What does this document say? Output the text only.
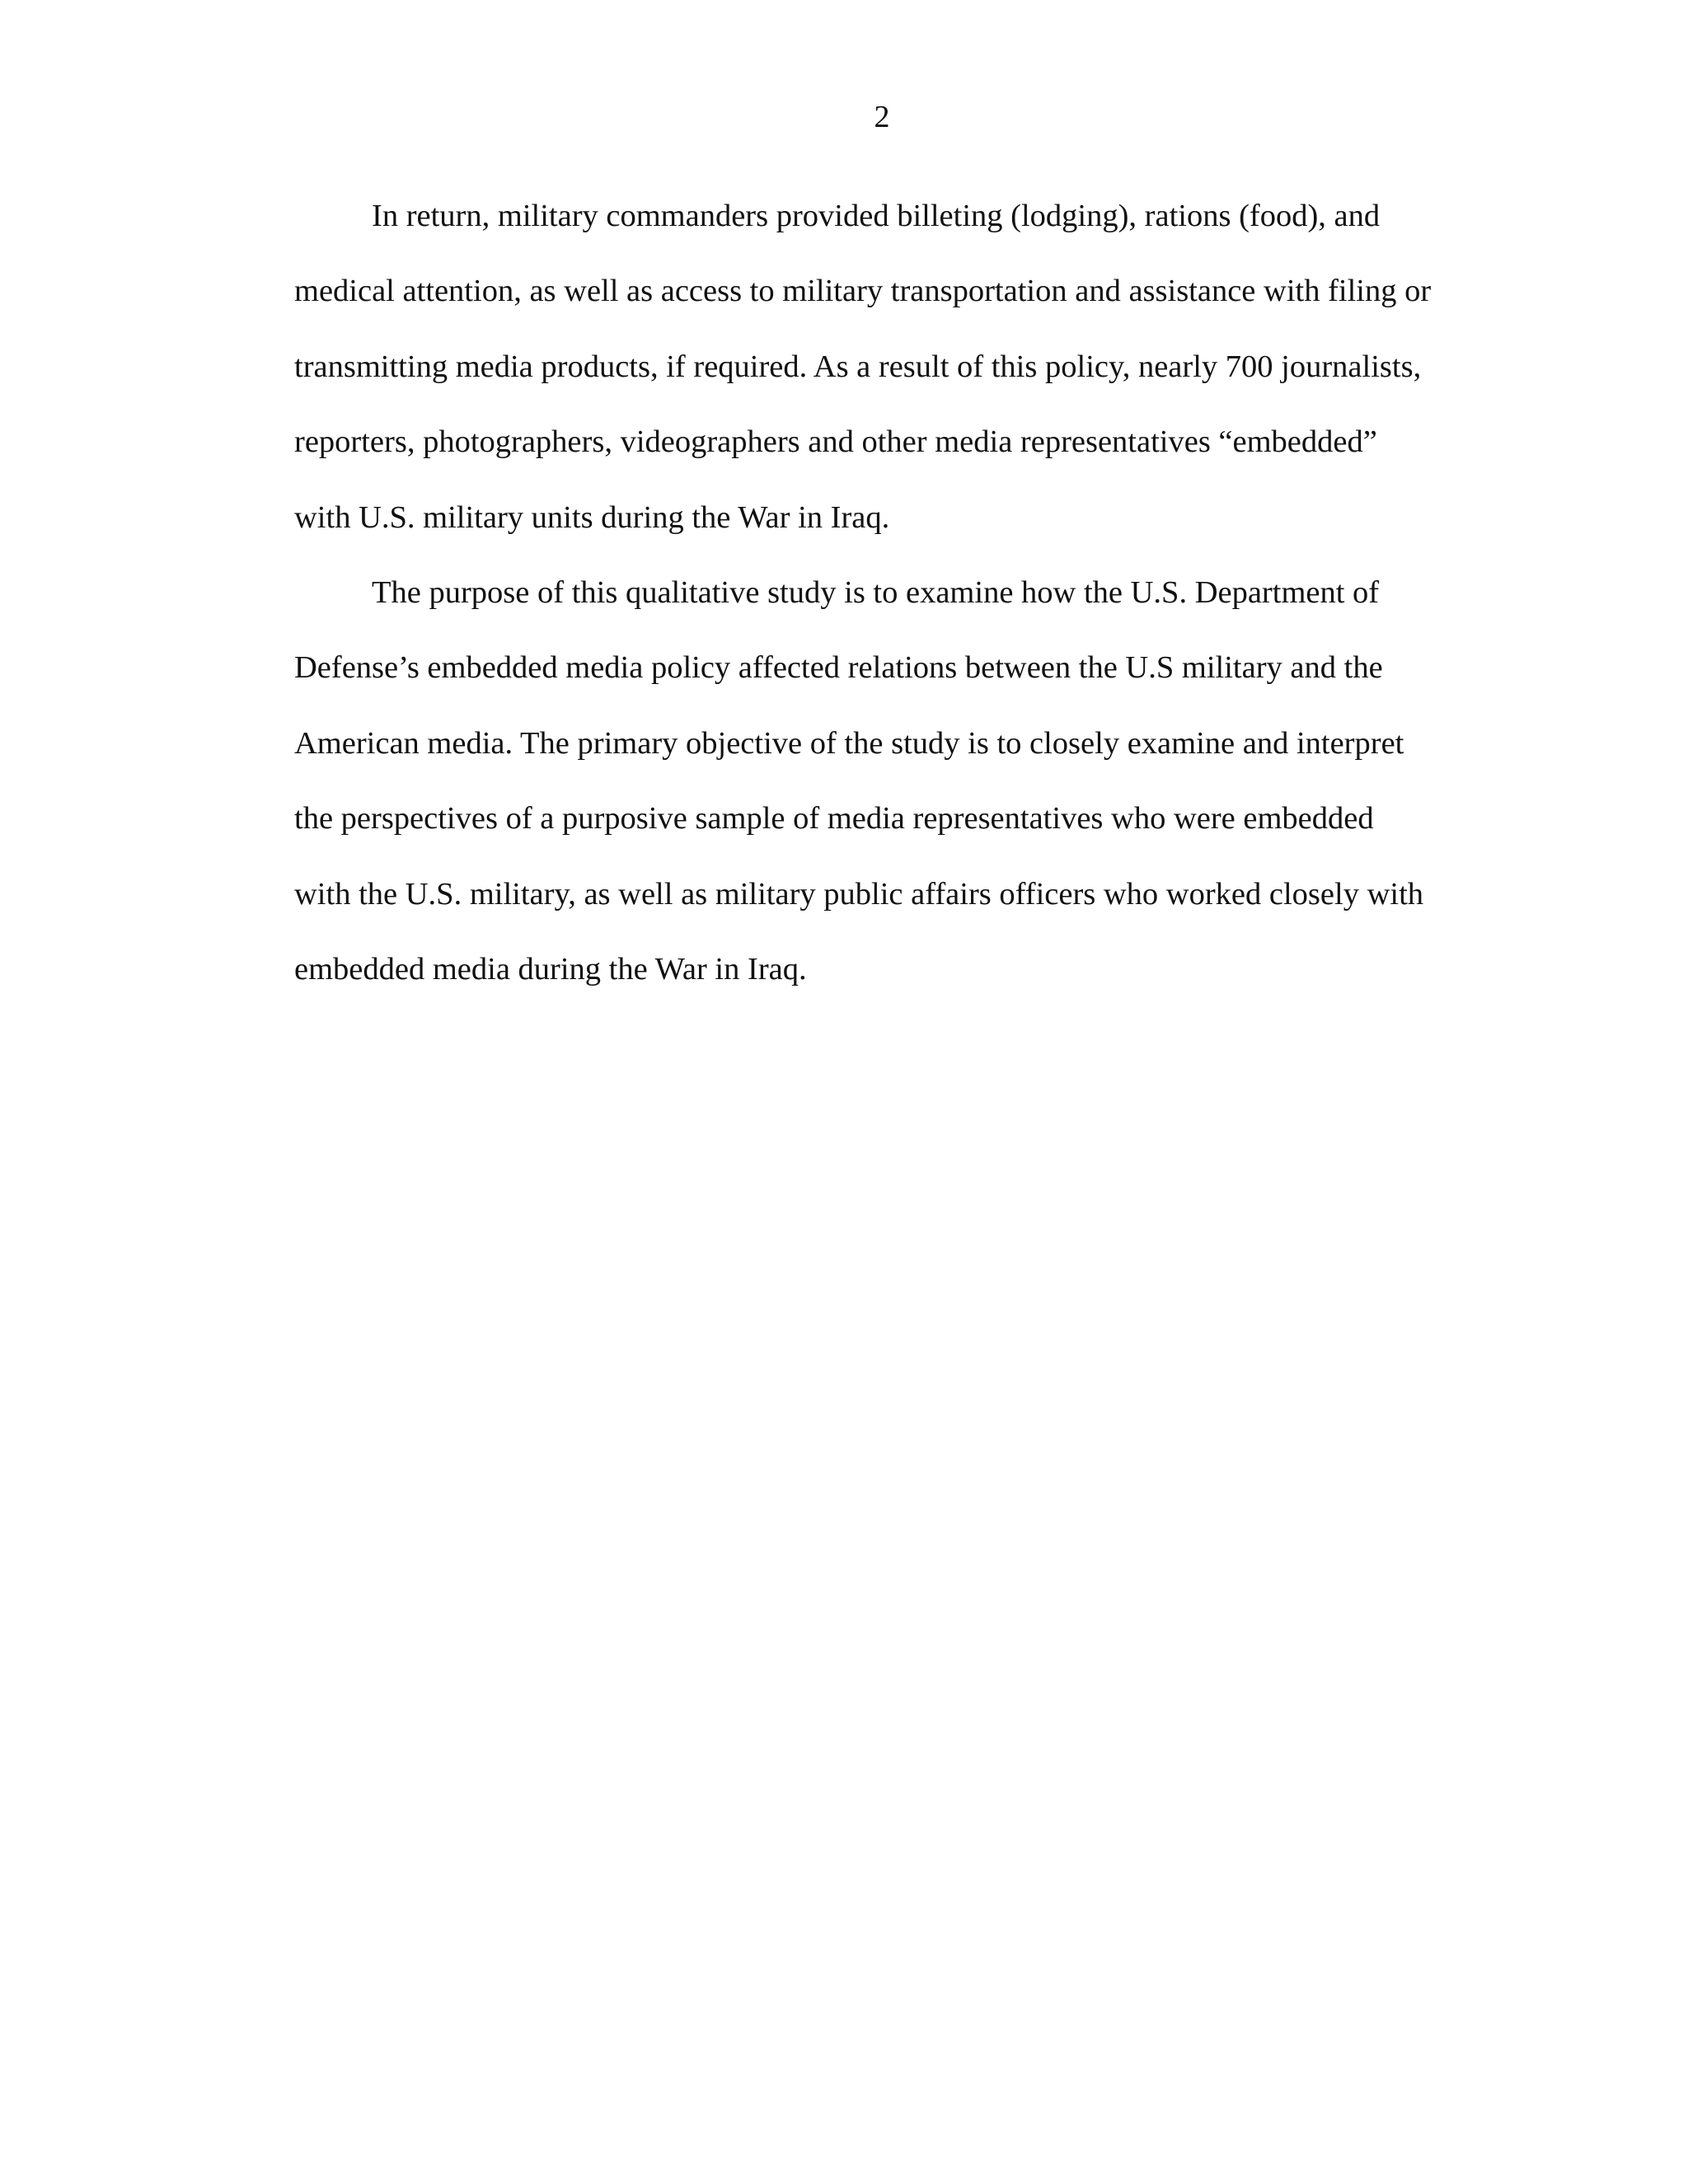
2
In return, military commanders provided billeting (lodging), rations (food), and
medical attention, as well as access to military transportation and assistance with filing or
transmitting media products, if required. As a result of this policy, nearly 700 journalists,
reporters, photographers, videographers and other media representatives “embedded”
with U.S. military units during the War in Iraq.
The purpose of this qualitative study is to examine how the U.S. Department of
Defense’s embedded media policy affected relations between the U.S military and the
American media. The primary objective of the study is to closely examine and interpret
the perspectives of a purposive sample of media representatives who were embedded
with the U.S. military, as well as military public affairs officers who worked closely with
embedded media during the War in Iraq.
